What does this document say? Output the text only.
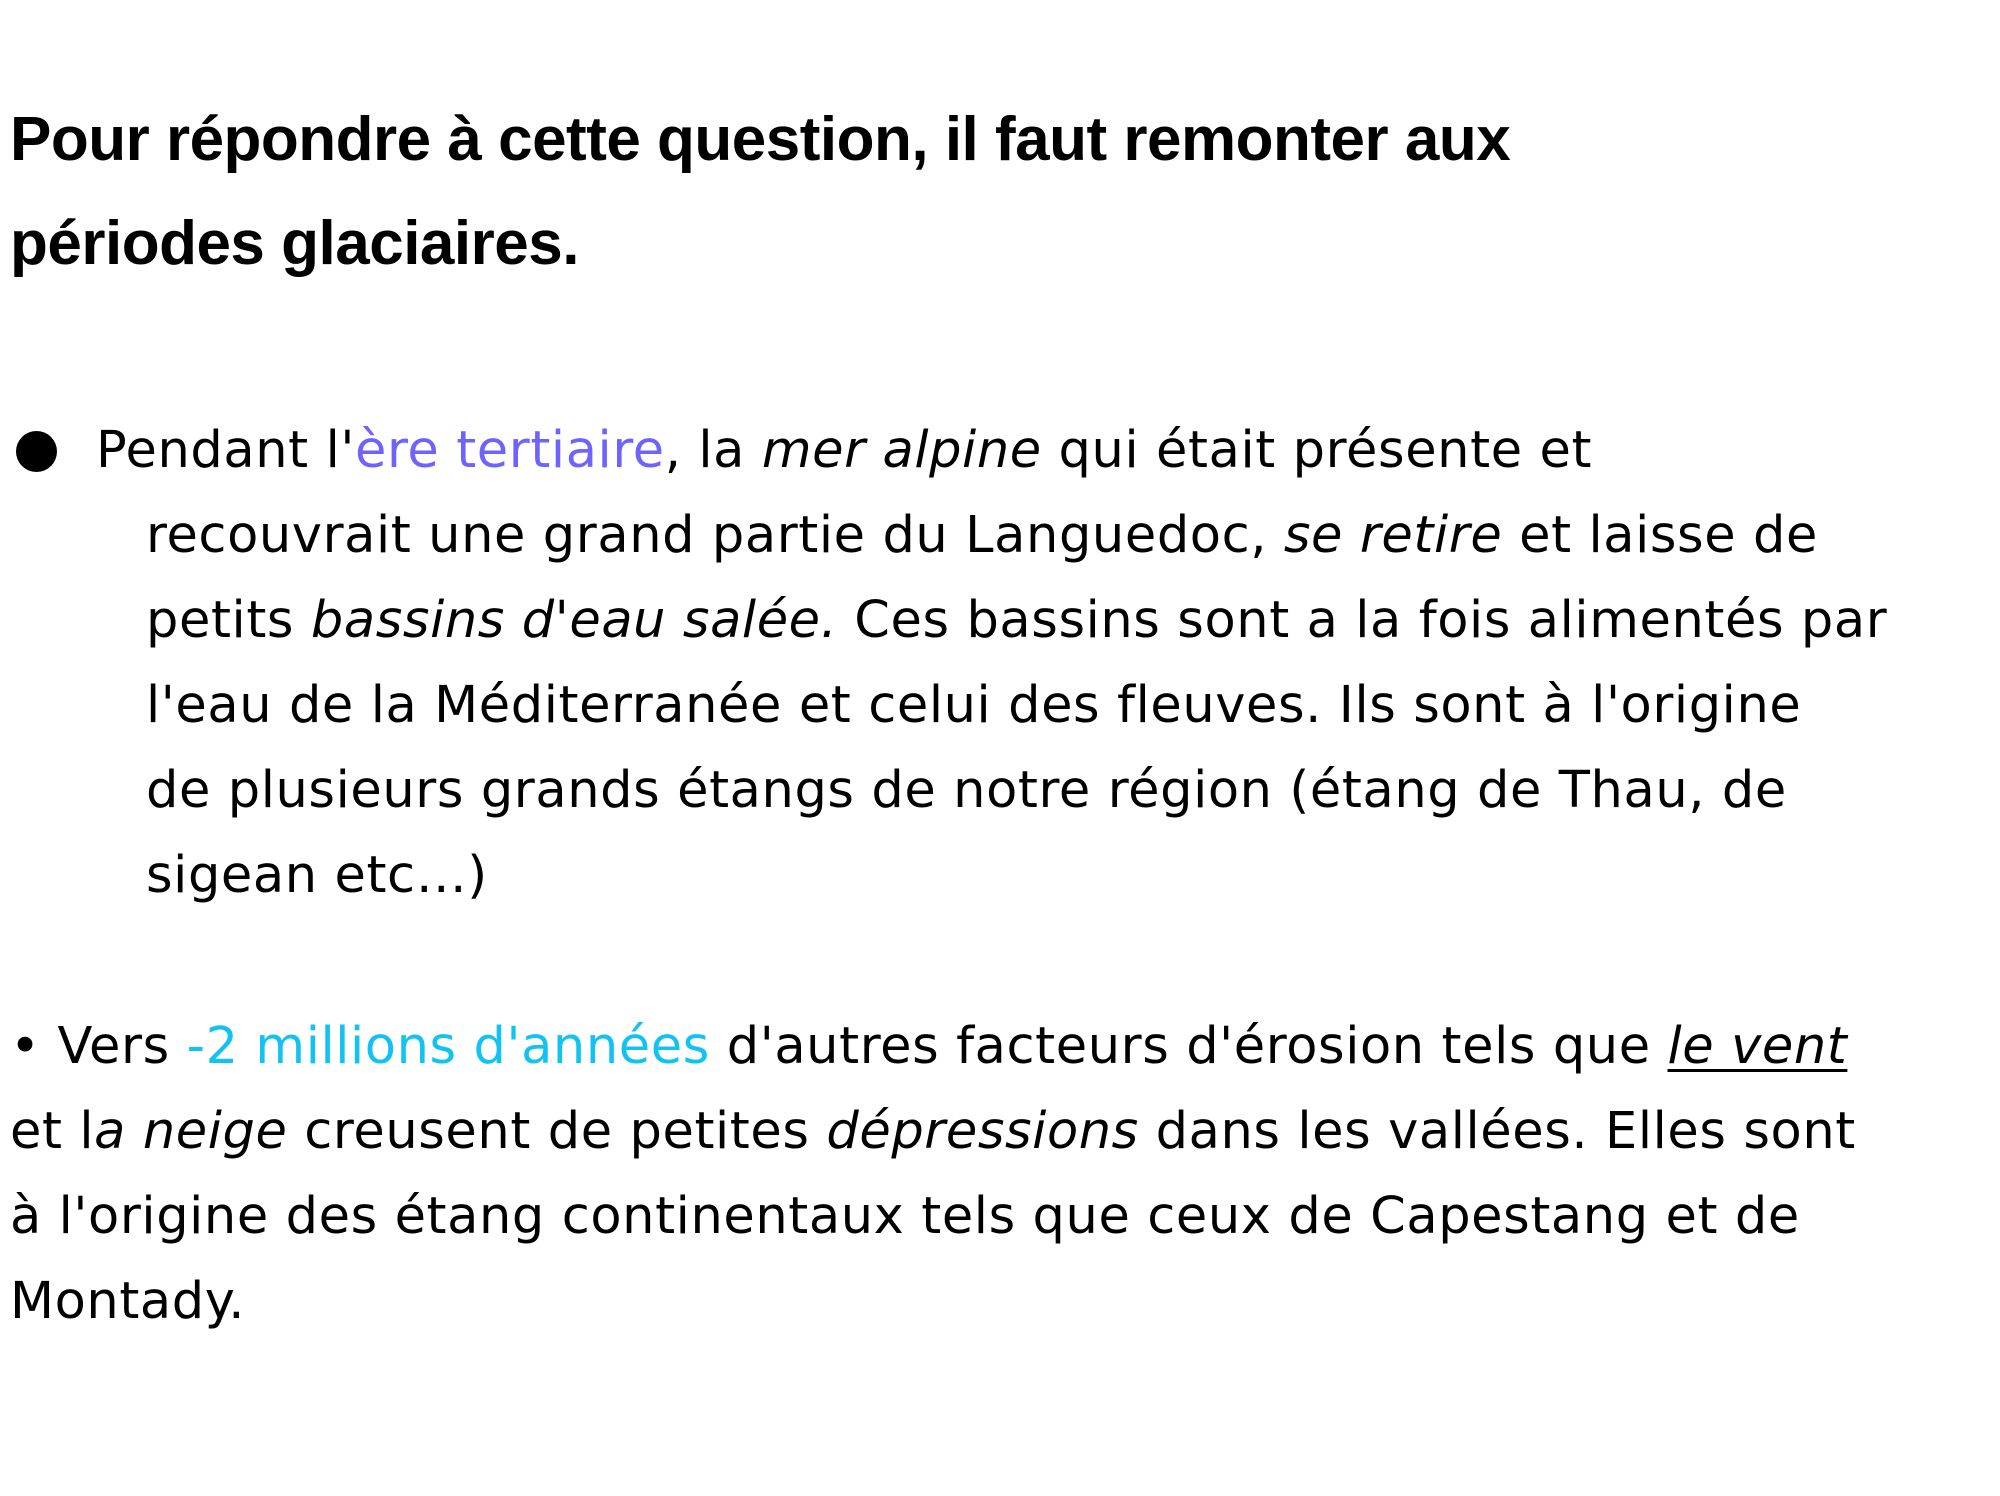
Pour répondre à cette question, il faut remonter aux
périodes glaciaires.
Pendant l'ère tertiaire, la mer alpine qui était présente et

recouvrait une grand partie du Languedoc, se retire et laisse de
petits bassins d'eau salée. Ces bassins sont a la fois alimentés par
l'eau de la Méditerranée et celui des fleuves. Ils sont à l'origine
de plusieurs grands étangs de notre région (étang de Thau, de
sigean etc…)

• Vers -2 millions d'années d'autres facteurs d'érosion tels que le vent
et la neige creusent de petites dépressions dans les vallées. Elles sont
à l'origine des étang continentaux tels que ceux de Capestang et de
Montady.
